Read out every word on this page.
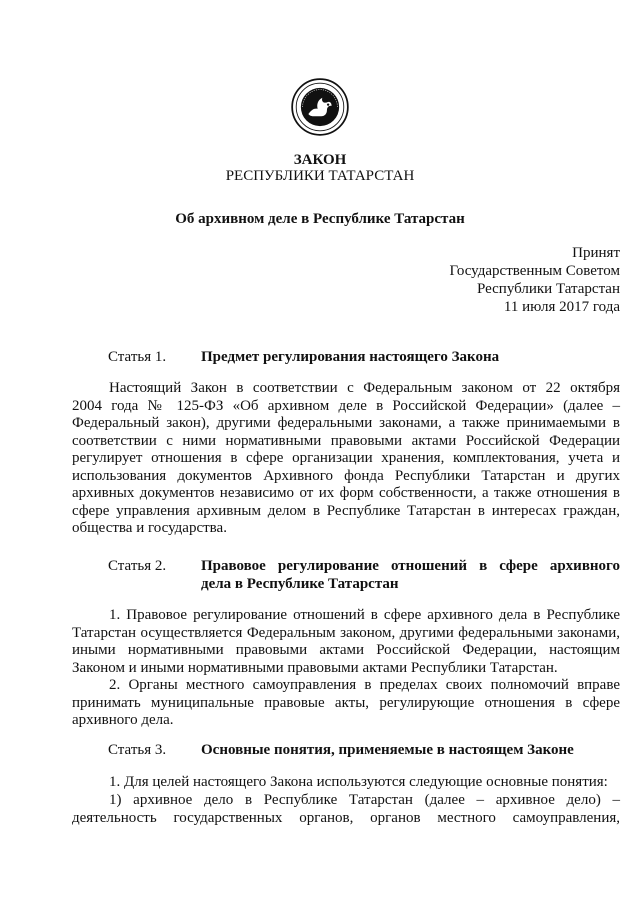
ЗАКОН
РЕСПУБЛИКИ ТАТАРСТАН
Об архивном деле в Республике Татарстан
Принят
Государственным Советом
Республики Татарстан
11 июля 2017 года
Статья 1. Предмет регулирования настоящего Закона
Настоящий Закон в соответствии с Федеральным законом от 22 октября
2004 года № 125-ФЗ «Об архивном деле в Российской Федерации» (далее –
Федеральный закон), другими федеральными законами, а также принимаемыми в
соответствии с ними нормативными правовыми актами Российской Федерации
регулирует отношения в сфере организации хранения, комплектования, учета и
использования документов Архивного фонда Республики Татарстан и других
архивных документов независимо от их форм собственности, а также отношения в
сфере управления архивным делом в Республике Татарстан в интересах граждан,
общества и государства.
Статья 2. Правовое регулирование отношений в сфере архивного
дела в Республике Татарстан
1. Правовое регулирование отношений в сфере архивного дела в Республике
Татарстан осуществляется Федеральным законом, другими федеральными законами,
иными нормативными правовыми актами Российской Федерации, настоящим
Законом и иными нормативными правовыми актами Республики Татарстан.
2. Органы местного самоуправления в пределах своих полномочий вправе
принимать муниципальные правовые акты, регулирующие отношения в сфере
архивного дела.
Статья 3. Основные понятия, применяемые в настоящем Законе
1. Для целей настоящего Закона используются следующие основные понятия:
1) архивное дело в Республике Татарстан (далее – архивное дело) –
деятельность государственных органов, органов местного самоуправления,
